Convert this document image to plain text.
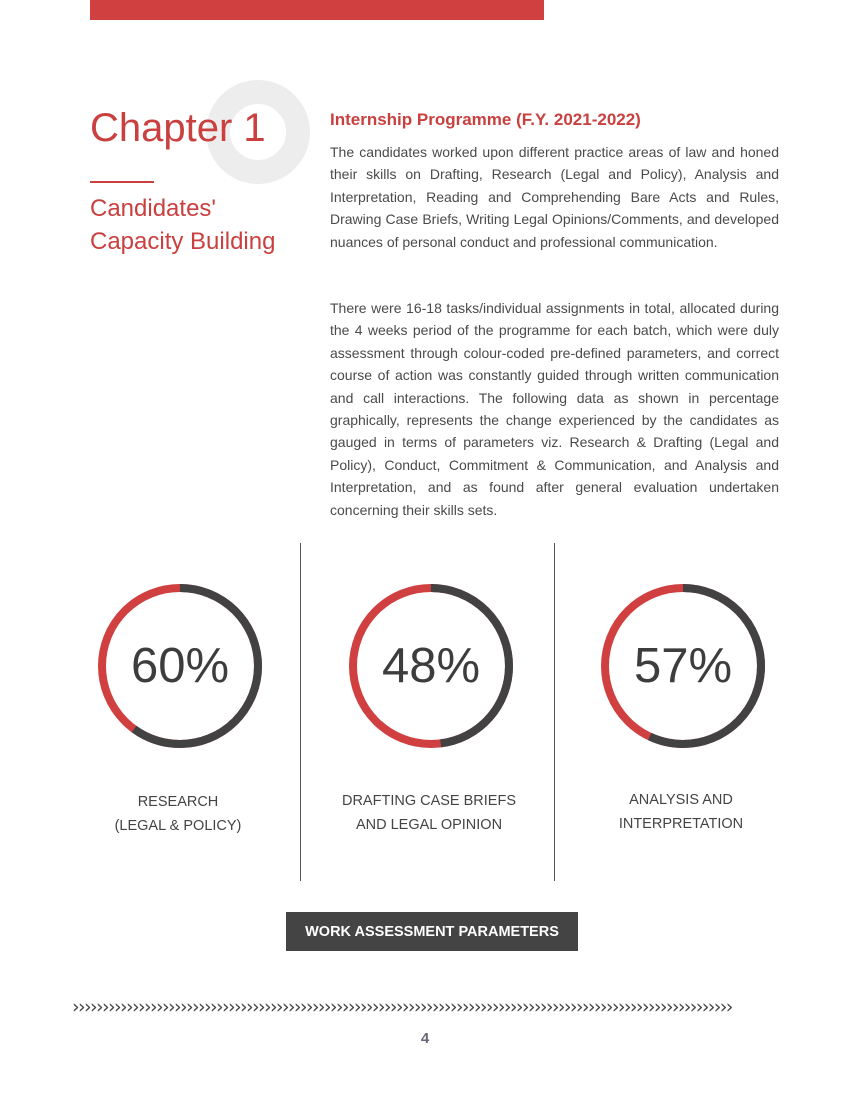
Chapter 1
Candidates' Capacity Building
Internship Programme (F.Y. 2021-2022)

The candidates worked upon different practice areas of law and honed their skills on Drafting, Research (Legal and Policy), Analysis and Interpretation, Reading and Comprehending Bare Acts and Rules, Drawing Case Briefs, Writing Legal Opinions/Comments, and developed nuances of personal conduct and professional communication.

There were 16-18 tasks/individual assignments in total, allocated during the 4 weeks period of the programme for each batch, which were duly assessment through colour-coded pre-defined parameters, and correct course of action was constantly guided through written communication and call interactions. The following data as shown in percentage graphically, represents the change experienced by the candidates as gauged in terms of parameters viz. Research & Drafting (Legal and Policy), Conduct, Commitment & Communication, and Analysis and Interpretation, and as found after general evaluation undertaken concerning their skills sets.

60%	48%	57%
RESEARCH
(LEGAL & POLICY)
DRAFTING CASE BRIEFS
AND LEGAL OPINION
ANALYSIS AND
INTERPRETATION
WORK ASSESSMENT PARAMETERS
››››››››››››››››››››››››››››››››››››››››››››››››››››››››››››››››››››››››››››››››››››››››››››››››››››››››››››››
4
